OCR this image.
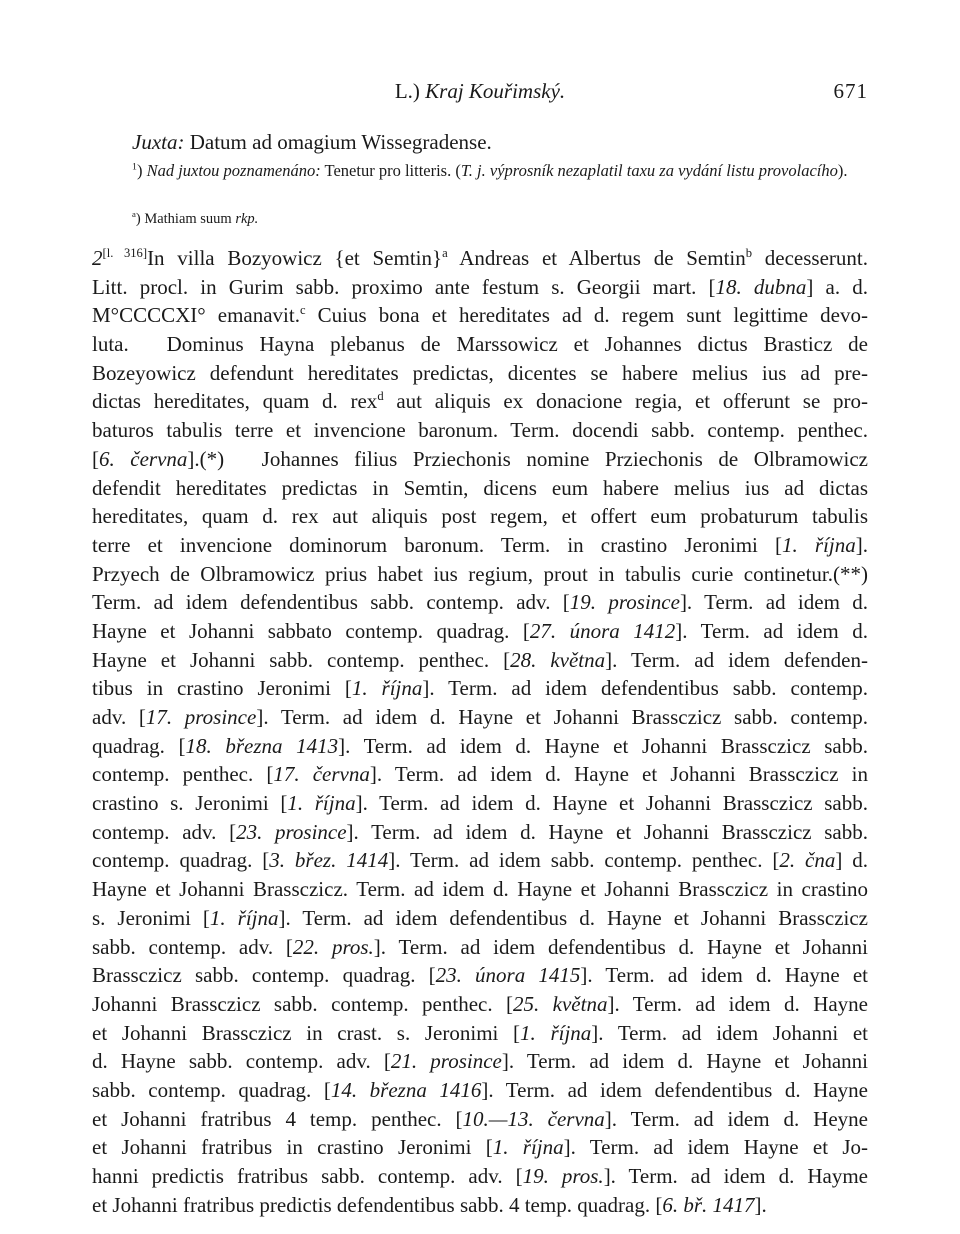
L.) Kraj Kouřimský.	671
Juxta: Datum ad omagium Wissegradense.
$^1$) Nad juxtou poznamenáno: Tenetur pro litteris. (T. j. výprosník nezaplatil taxu za vydání listu provolacího).
$^a$) Mathiam suum rkp.
2[l. 316]In villa Bozyowicz {et Semtin}$^a$ Andreas et Albertus de Semtin$^b$ decesserunt.
Litt. procl. in Gurim sabb. proximo ante festum s. Georgii mart. [18. dubna] a. d.
M°CCCCXI° emanavit.$^c$ Cuius bona et hereditates ad d. regem sunt legittime devo-
luta. Dominus Hayna plebanus de Marssowicz et Johannes dictus Brasticz de
Bozeyowicz defendunt hereditates predictas, dicentes se habere melius ius ad pre-
dictas hereditates, quam d. rex$^d$ aut aliquis ex donacione regia, et offerunt se pro-
baturos tabulis terre et invencione baronum. Term. docendi sabb. contemp. penthec.
[6. června].(*) Johannes filius Prziechonis nomine Prziechonis de Olbramowicz
defendit hereditates predictas in Semtin, dicens eum habere melius ius ad dictas
hereditates, quam d. rex aut aliquis post regem, et offert eum probaturum tabulis
terre et invencione dominorum baronum. Term. in crastino Jeronimi [1. října].
Przyech de Olbramowicz prius habet ius regium, prout in tabulis curie continetur.(**)
Term. ad idem defendentibus sabb. contemp. adv. [19. prosince]. Term. ad idem d.
Hayne et Johanni sabbato contemp. quadrag. [27. února 1412]. Term. ad idem d.
Hayne et Johanni sabb. contemp. penthec. [28. května]. Term. ad idem defenden-
tibus in crastino Jeronimi [1. října]. Term. ad idem defendentibus sabb. contemp.
adv. [17. prosince]. Term. ad idem d. Hayne et Johanni Brassczicz sabb. contemp.
quadrag. [18. března 1413]. Term. ad idem d. Hayne et Johanni Brassczicz sabb.
contemp. penthec. [17. června]. Term. ad idem d. Hayne et Johanni Brassczicz in
crastino s. Jeronimi [1. října]. Term. ad idem d. Hayne et Johanni Brassczicz sabb.
contemp. adv. [23. prosince]. Term. ad idem d. Hayne et Johanni Brassczicz sabb.
contemp. quadrag. [3. břez. 1414]. Term. ad idem sabb. contemp. penthec. [2. čna] d.
Hayne et Johanni Brassczicz. Term. ad idem d. Hayne et Johanni Brassczicz in crastino
s. Jeronimi [1. října]. Term. ad idem defendentibus d. Hayne et Johanni Brassczicz
sabb. contemp. adv. [22. pros.]. Term. ad idem defendentibus d. Hayne et Johanni
Brassczicz sabb. contemp. quadrag. [23. února 1415]. Term. ad idem d. Hayne et
Johanni Brassczicz sabb. contemp. penthec. [25. května]. Term. ad idem d. Hayne
et Johanni Brassczicz in crast. s. Jeronimi [1. října]. Term. ad idem Johanni et
d. Hayne sabb. contemp. adv. [21. prosince]. Term. ad idem d. Hayne et Johanni
sabb. contemp. quadrag. [14. března 1416]. Term. ad idem defendentibus d. Hayne
et Johanni fratribus 4 temp. penthec. [10.—13. června]. Term. ad idem d. Heyne
et Johanni fratribus in crastino Jeronimi [1. října]. Term. ad idem Hayne et Jo-
hanni predictis fratribus sabb. contemp. adv. [19. pros.]. Term. ad idem d. Hayme
et Johanni fratribus predictis defendentibus sabb. 4 temp. quadrag. [6. bř. 1417].
